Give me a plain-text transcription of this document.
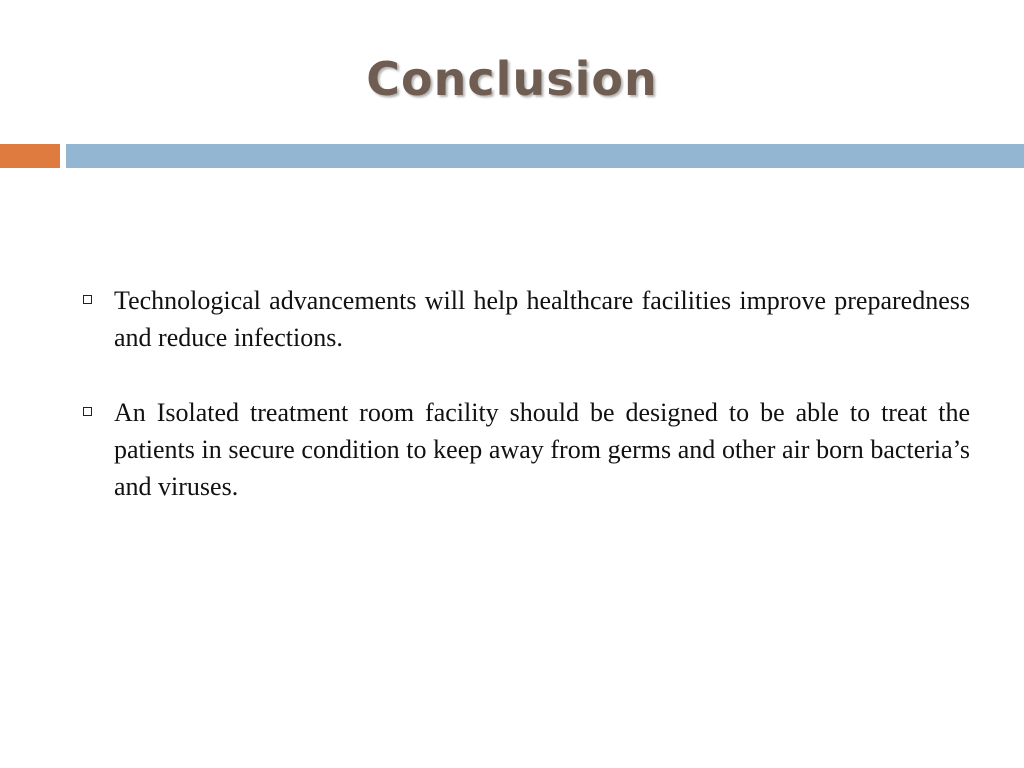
Conclusion
Technological advancements will help healthcare facilities improve preparedness and reduce infections.
An Isolated treatment room facility should be designed to be able to treat the patients in secure condition to keep away from germs and other air born bacteria’s and viruses.
